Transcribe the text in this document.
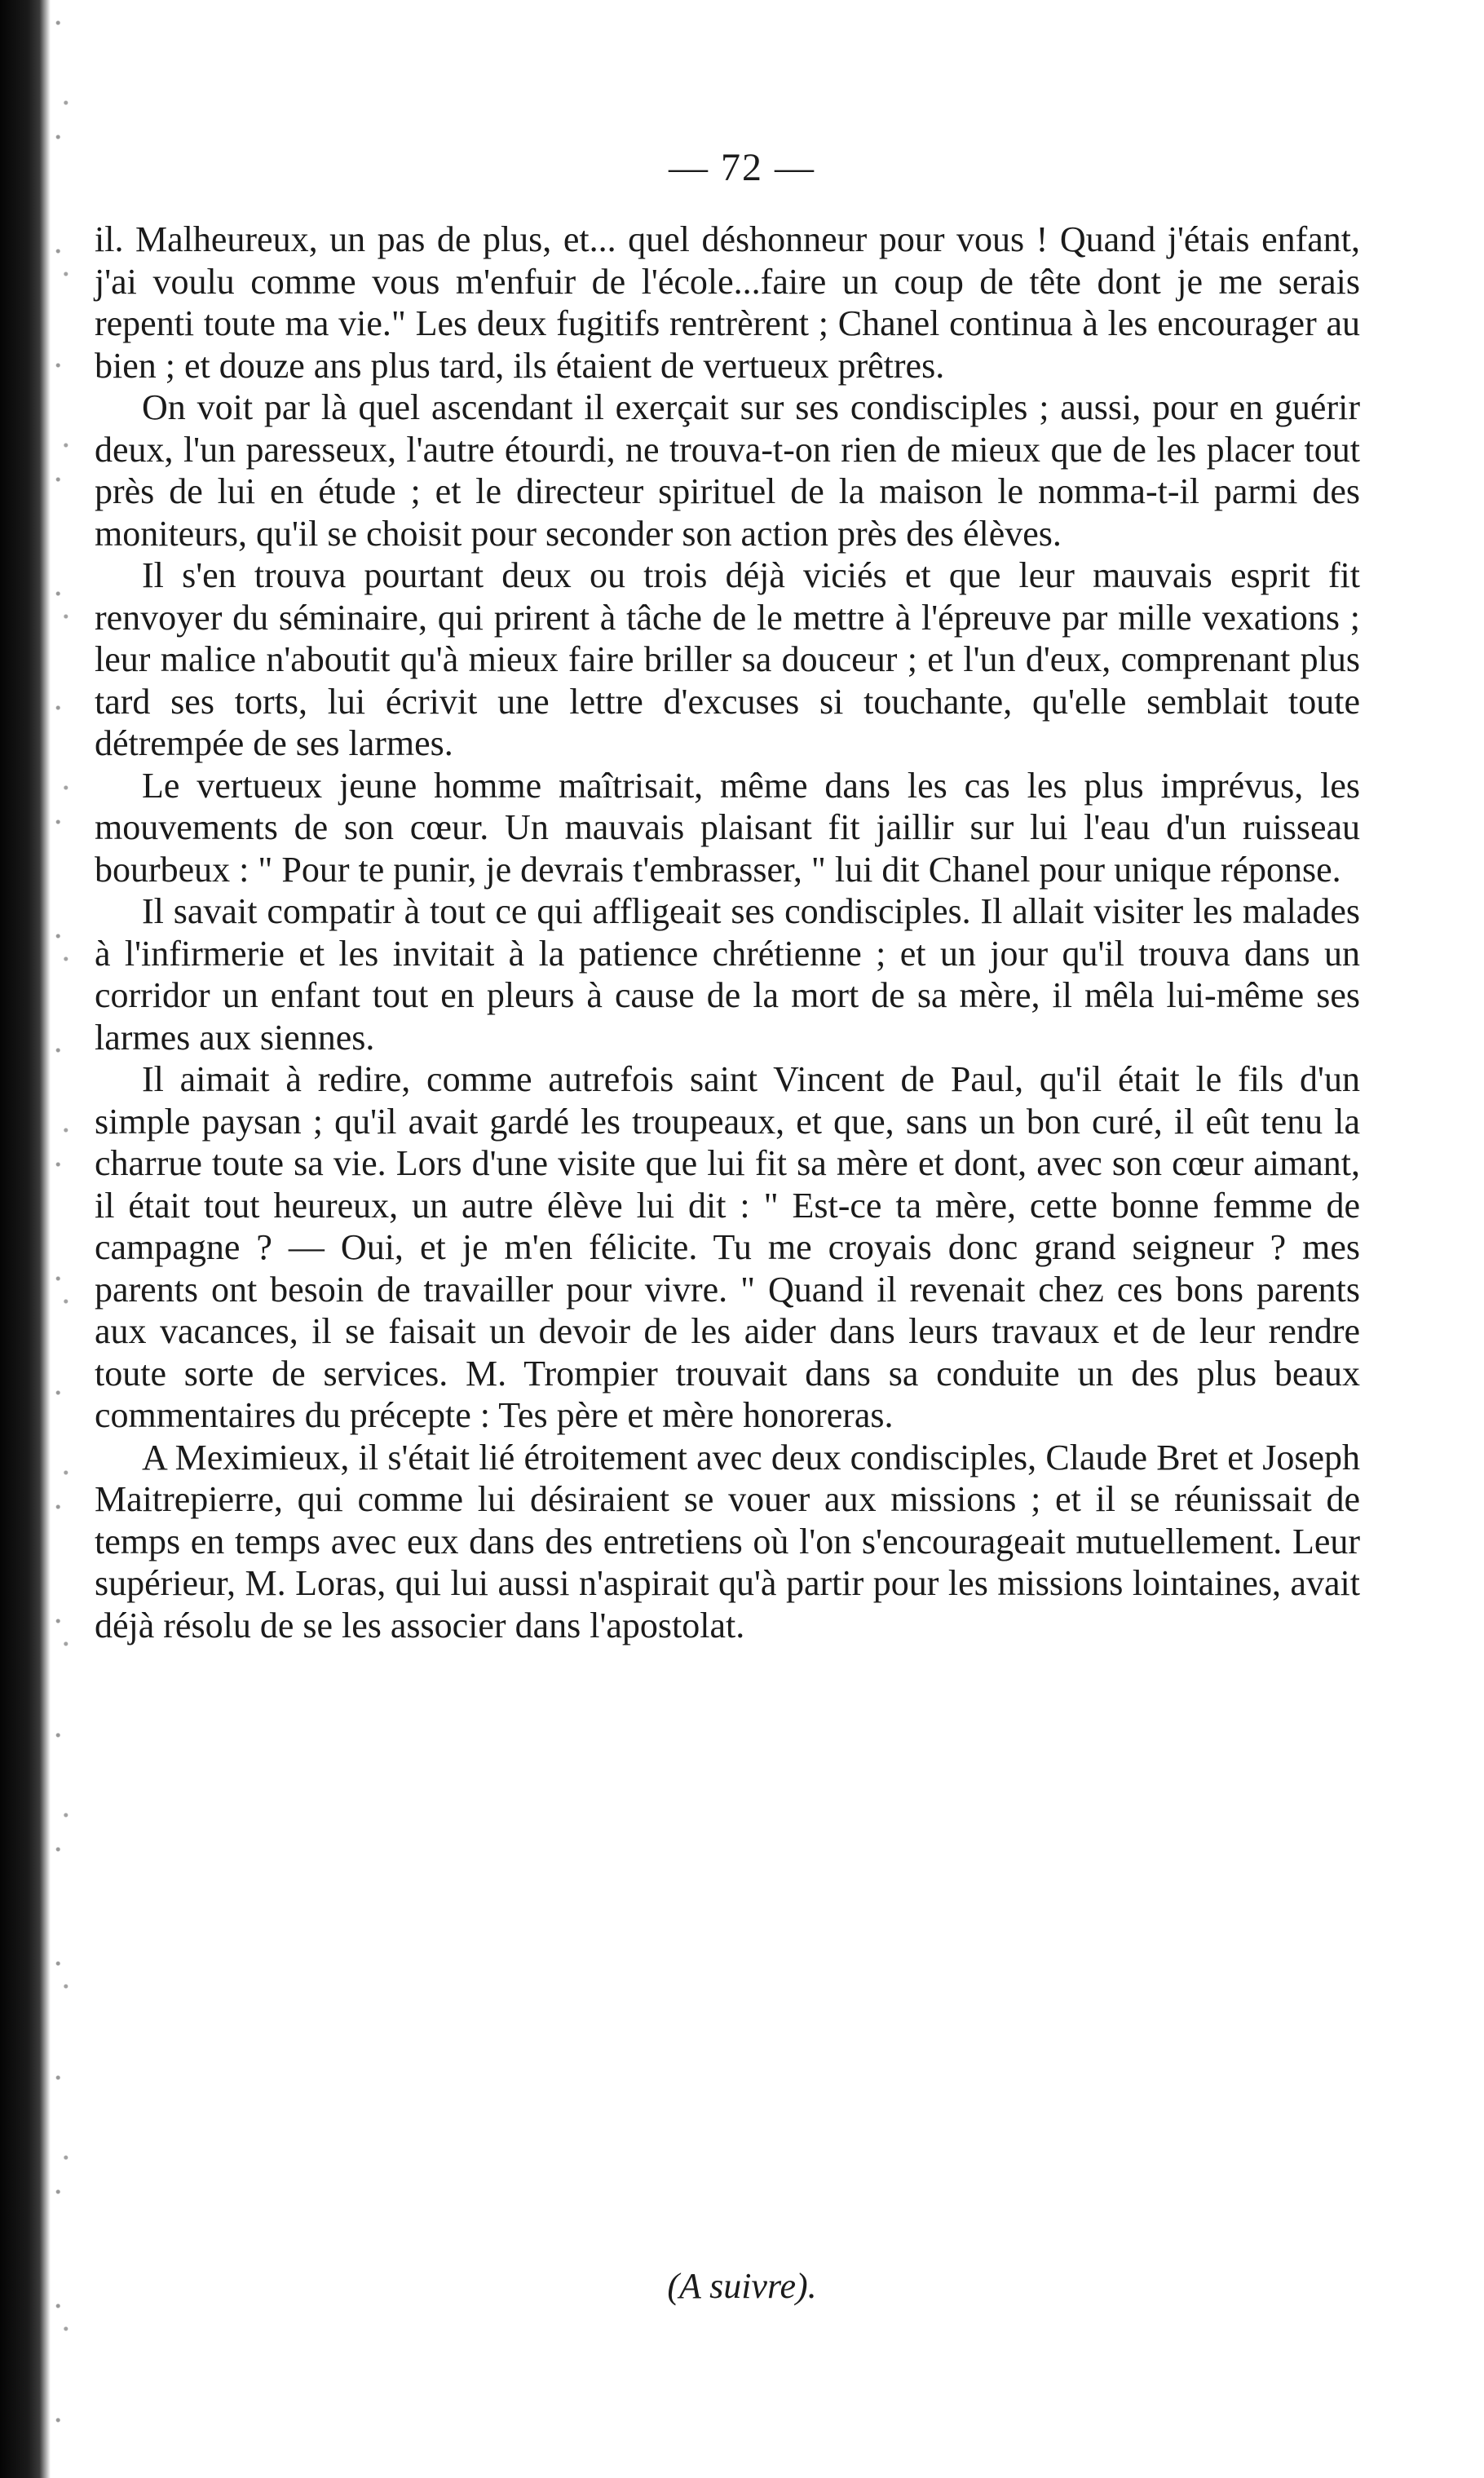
— 72 —

il. Malheureux, un pas de plus, et... quel déshonneur pour vous ! Quand j'étais enfant, j'ai voulu comme vous m'enfuir de l'école...faire un coup de tête dont je me serais repenti toute ma vie." Les deux fugitifs rentrèrent ; Chanel continua à les encourager au bien ; et douze ans plus tard, ils étaient de vertueux prêtres.

On voit par là quel ascendant il exerçait sur ses condisciples ; aussi, pour en guérir deux, l'un paresseux, l'autre étourdi, ne trouva-t-on rien de mieux que de les placer tout près de lui en étude ; et le directeur spirituel de la maison le nomma-t-il parmi des moniteurs, qu'il se choisit pour seconder son action près des élèves.

Il s'en trouva pourtant deux ou trois déjà viciés et que leur mauvais esprit fit renvoyer du séminaire, qui prirent à tâche de le mettre à l'épreuve par mille vexations ; leur malice n'aboutit qu'à mieux faire briller sa douceur ; et l'un d'eux, comprenant plus tard ses torts, lui écrivit une lettre d'excuses si touchante, qu'elle semblait toute détrempée de ses larmes.

Le vertueux jeune homme maîtrisait, même dans les cas les plus imprévus, les mouvements de son cœur. Un mauvais plaisant fit jaillir sur lui l'eau d'un ruisseau bourbeux : " Pour te punir, je devrais t'embrasser, " lui dit Chanel pour unique réponse.

Il savait compatir à tout ce qui affligeait ses condisciples. Il allait visiter les malades à l'infirmerie et les invitait à la patience chrétienne ; et un jour qu'il trouva dans un corridor un enfant tout en pleurs à cause de la mort de sa mère, il mêla lui-même ses larmes aux siennes.

Il aimait à redire, comme autrefois saint Vincent de Paul, qu'il était le fils d'un simple paysan ; qu'il avait gardé les troupeaux, et que, sans un bon curé, il eût tenu la charrue toute sa vie. Lors d'une visite que lui fit sa mère et dont, avec son cœur aimant, il était tout heureux, un autre élève lui dit : " Est-ce ta mère, cette bonne femme de campagne ? — Oui, et je m'en félicite. Tu me croyais donc grand seigneur ? mes parents ont besoin de travailler pour vivre. " Quand il revenait chez ces bons parents aux vacances, il se faisait un devoir de les aider dans leurs travaux et de leur rendre toute sorte de services. M. Trompier trouvait dans sa conduite un des plus beaux commentaires du précepte : Tes père et mère honoreras.

A Meximieux, il s'était lié étroitement avec deux condisciples, Claude Bret et Joseph Maitrepierre, qui comme lui désiraient se vouer aux missions ; et il se réunissait de temps en temps avec eux dans des entretiens où l'on s'encourageait mutuellement. Leur supérieur, M. Loras, qui lui aussi n'aspirait qu'à partir pour les missions lointaines, avait déjà résolu de se les associer dans l'apostolat.

(A suivre).
